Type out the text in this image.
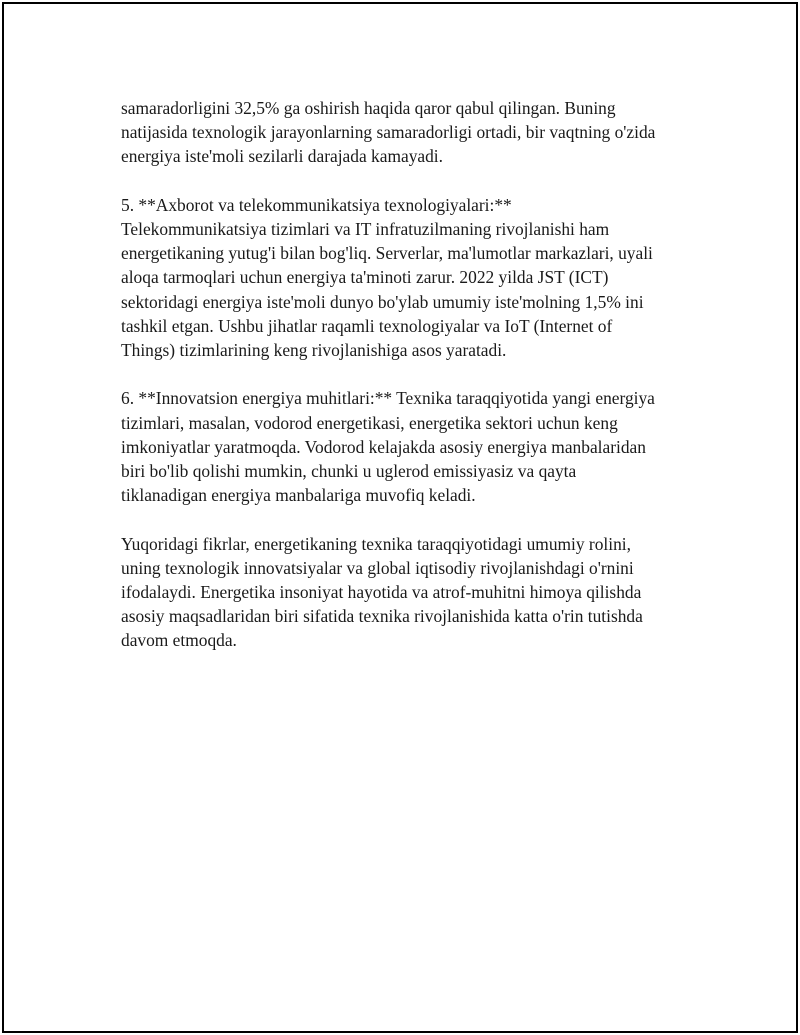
samaradorligini 32,5% ga oshirish haqida qaror qabul qilingan. Buning
natijasida texnologik jarayonlarning samaradorligi ortadi, bir vaqtning o'zida
energiya iste'moli sezilarli darajada kamayadi.

5. **Axborot va telekommunikatsiya texnologiyalari:**
Telekommunikatsiya tizimlari va IT infratuzilmaning rivojlanishi ham
energetikaning yutug'i bilan bog'liq. Serverlar, ma'lumotlar markazlari, uyali
aloqa tarmoqlari uchun energiya ta'minoti zarur. 2022 yilda JST (ICT)
sektoridagi energiya iste'moli dunyo bo'ylab umumiy iste'molning 1,5% ini
tashkil etgan. Ushbu jihatlar raqamli texnologiyalar va IoT (Internet of
Things) tizimlarining keng rivojlanishiga asos yaratadi.

6. **Innovatsion energiya muhitlari:** Texnika taraqqiyotida yangi energiya
tizimlari, masalan, vodorod energetikasi, energetika sektori uchun keng
imkoniyatlar yaratmoqda. Vodorod kelajakda asosiy energiya manbalaridan
biri bo'lib qolishi mumkin, chunki u uglerod emissiyasiz va qayta
tiklanadigan energiya manbalariga muvofiq keladi.

Yuqoridagi fikrlar, energetikaning texnika taraqqiyotidagi umumiy rolini,
uning texnologik innovatsiyalar va global iqtisodiy rivojlanishdagi o'rnini
ifodalaydi. Energetika insoniyat hayotida va atrof-muhitni himoya qilishda
asosiy maqsadlaridan biri sifatida texnika rivojlanishida katta o'rin tutishda
davom etmoqda.
